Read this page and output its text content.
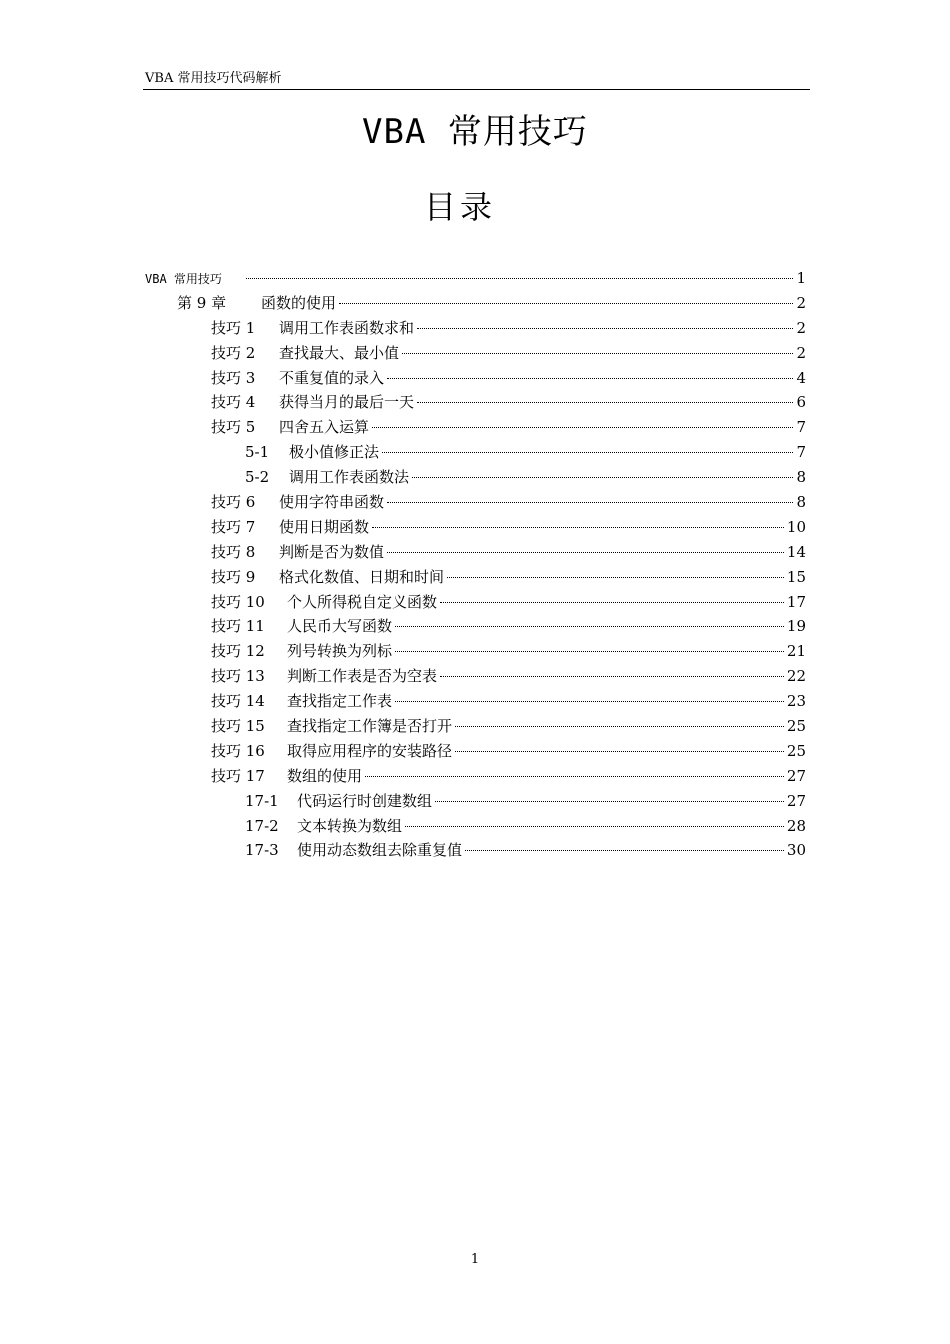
VBA 常用技巧代码解析
VBA 常用技巧
目录
VBA 常用技巧	1
第 9 章	函数的使用	2
技巧 1	调用工作表函数求和	2
技巧 2	查找最大、最小值	2
技巧 3	不重复值的录入	4
技巧 4	获得当月的最后一天	6
技巧 5	四舍五入运算	7
5-1	极小值修正法	7
5-2	调用工作表函数法	8
技巧 6	使用字符串函数	8
技巧 7	使用日期函数	10
技巧 8	判断是否为数值	14
技巧 9	格式化数值、日期和时间	15
技巧 10	个人所得税自定义函数	17
技巧 11	人民币大写函数	19
技巧 12	列号转换为列标	21
技巧 13	判断工作表是否为空表	22
技巧 14	查找指定工作表	23
技巧 15	查找指定工作簿是否打开	25
技巧 16	取得应用程序的安装路径	25
技巧 17	数组的使用	27
17-1	代码运行时创建数组	27
17-2	文本转换为数组	28
17-3	使用动态数组去除重复值	30
1
